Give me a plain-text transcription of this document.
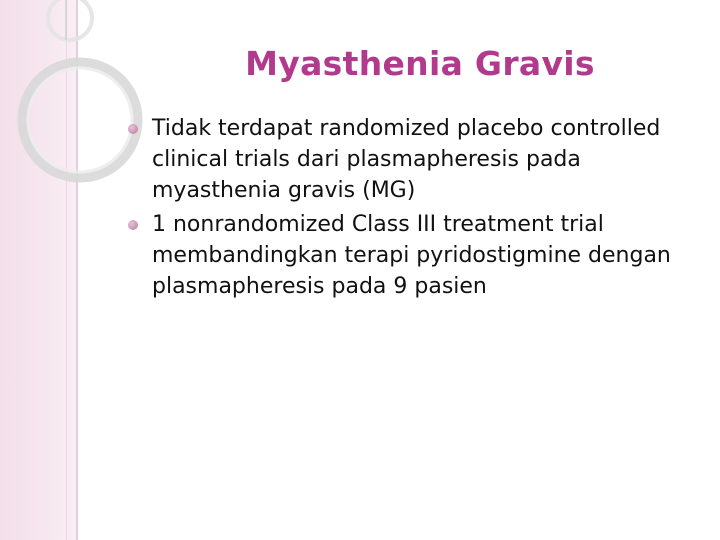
Myasthenia Gravis
Tidak terdapat randomized placebo controlled clinical trials dari plasmapheresis pada myasthenia gravis (MG)
1 nonrandomized Class III treatment trial membandingkan terapi pyridostigmine dengan plasmapheresis pada 9 pasien
